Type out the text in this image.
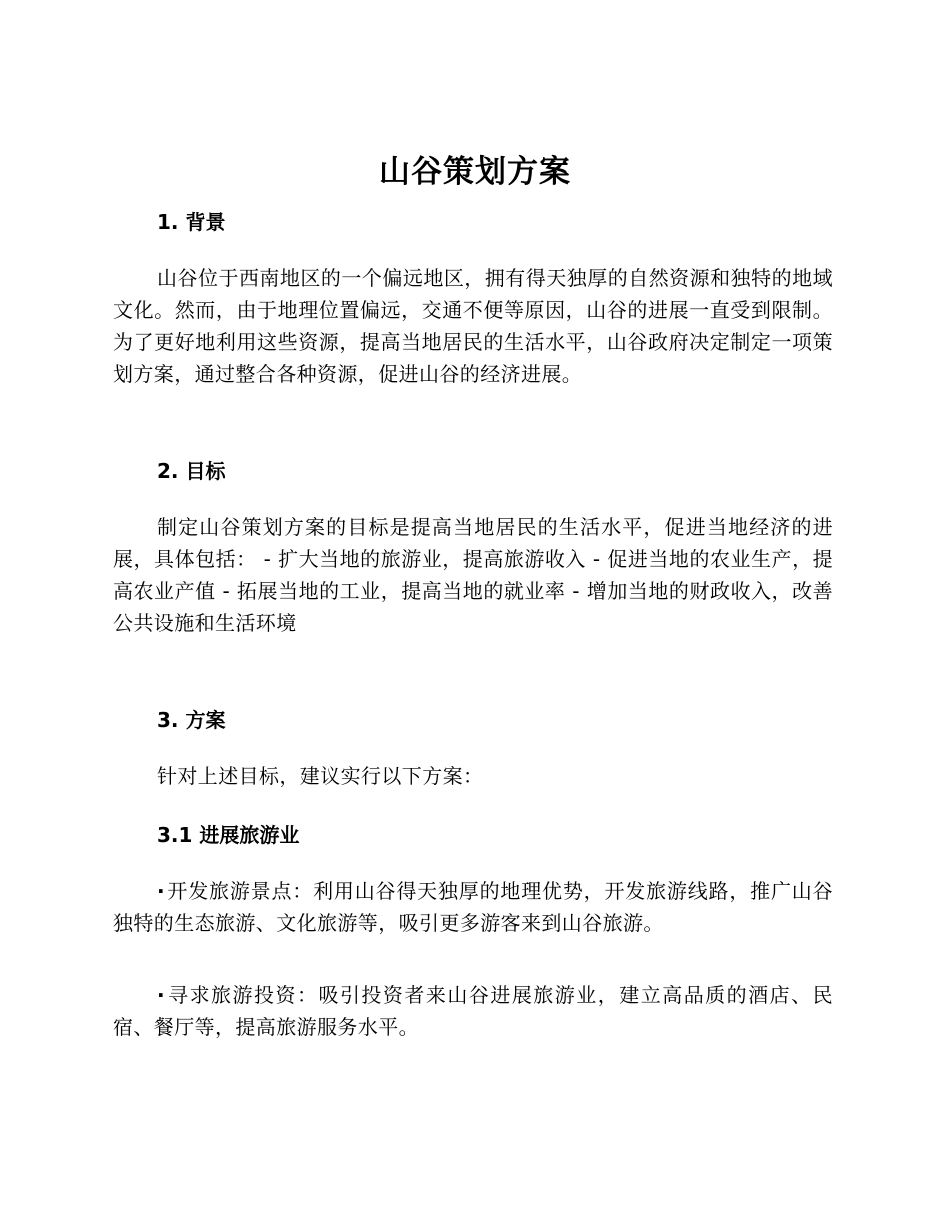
山谷策划方案
1. 背景

山谷位于西南地区的一个偏远地区，拥有得天独厚的自然资源和独特的地域文化。然而，由于地理位置偏远，交通不便等原因，山谷的进展一直受到限制。为了更好地利用这些资源，提高当地居民的生活水平，山谷政府决定制定一项策划方案，通过整合各种资源，促进山谷的经济进展。

2. 目标

制定山谷策划方案的目标是提高当地居民的生活水平，促进当地经济的进展，具体包括： - 扩大当地的旅游业，提高旅游收入 - 促进当地的农业生产，提高农业产值 - 拓展当地的工业，提高当地的就业率 - 增加当地的财政收入，改善公共设施和生活环境

3. 方案

针对上述目标，建议实行以下方案：

3.1 进展旅游业

· 开发旅游景点：利用山谷得天独厚的地理优势，开发旅游线路，推广山谷独特的生态旅游、文化旅游等，吸引更多游客来到山谷旅游。

· 寻求旅游投资：吸引投资者来山谷进展旅游业，建立高品质的酒店、民宿、餐厅等，提高旅游服务水平。
